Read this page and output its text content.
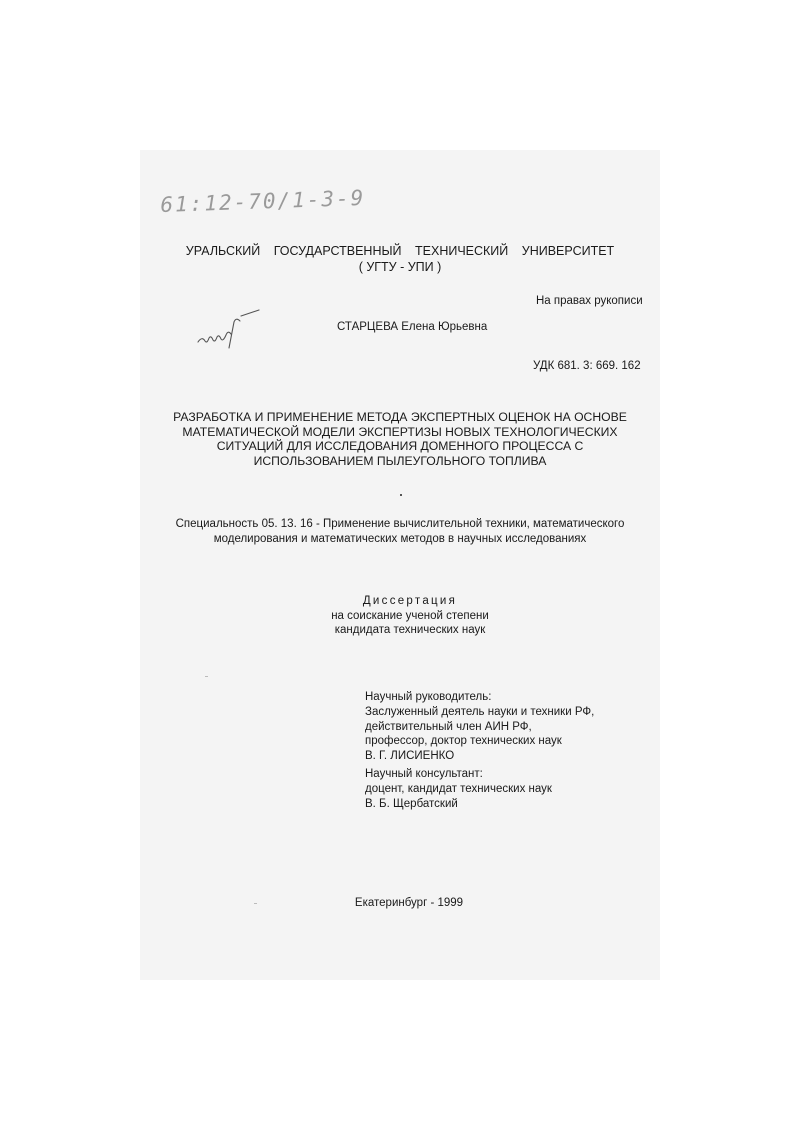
61:12-70/1-3-9

УРАЛЬСКИЙ ГОСУДАРСТВЕННЫЙ ТЕХНИЧЕСКИЙ УНИВЕРСИТЕТ
( УГТУ - УПИ )

На правах рукописи

СТАРЦЕВА Елена Юрьевна

УДК 681. 3: 669. 162

РАЗРАБОТКА И ПРИМЕНЕНИЕ МЕТОДА ЭКСПЕРТНЫХ ОЦЕНОК НА ОСНОВЕ
МАТЕМАТИЧЕСКОЙ МОДЕЛИ ЭКСПЕРТИЗЫ НОВЫХ ТЕХНОЛОГИЧЕСКИХ
СИТУАЦИЙ ДЛЯ ИССЛЕДОВАНИЯ ДОМЕННОГО ПРОЦЕССА С
ИСПОЛЬЗОВАНИЕМ ПЫЛЕУГОЛЬНОГО ТОПЛИВА
Специальность 05. 13. 16 - Применение вычислительной техники, математического
моделирования и математических методов в научных исследованиях
Диссертация
на соискание ученой степени
кандидата технических наук
Научный руководитель:
Заслуженный деятель науки и техники РФ,
действительный член АИН РФ,
профессор, доктор технических наук
В. Г. ЛИСИЕНКО
Научный консультант:
доцент, кандидат технических наук
В. Б. Щербатский

Екатеринбург - 1999
